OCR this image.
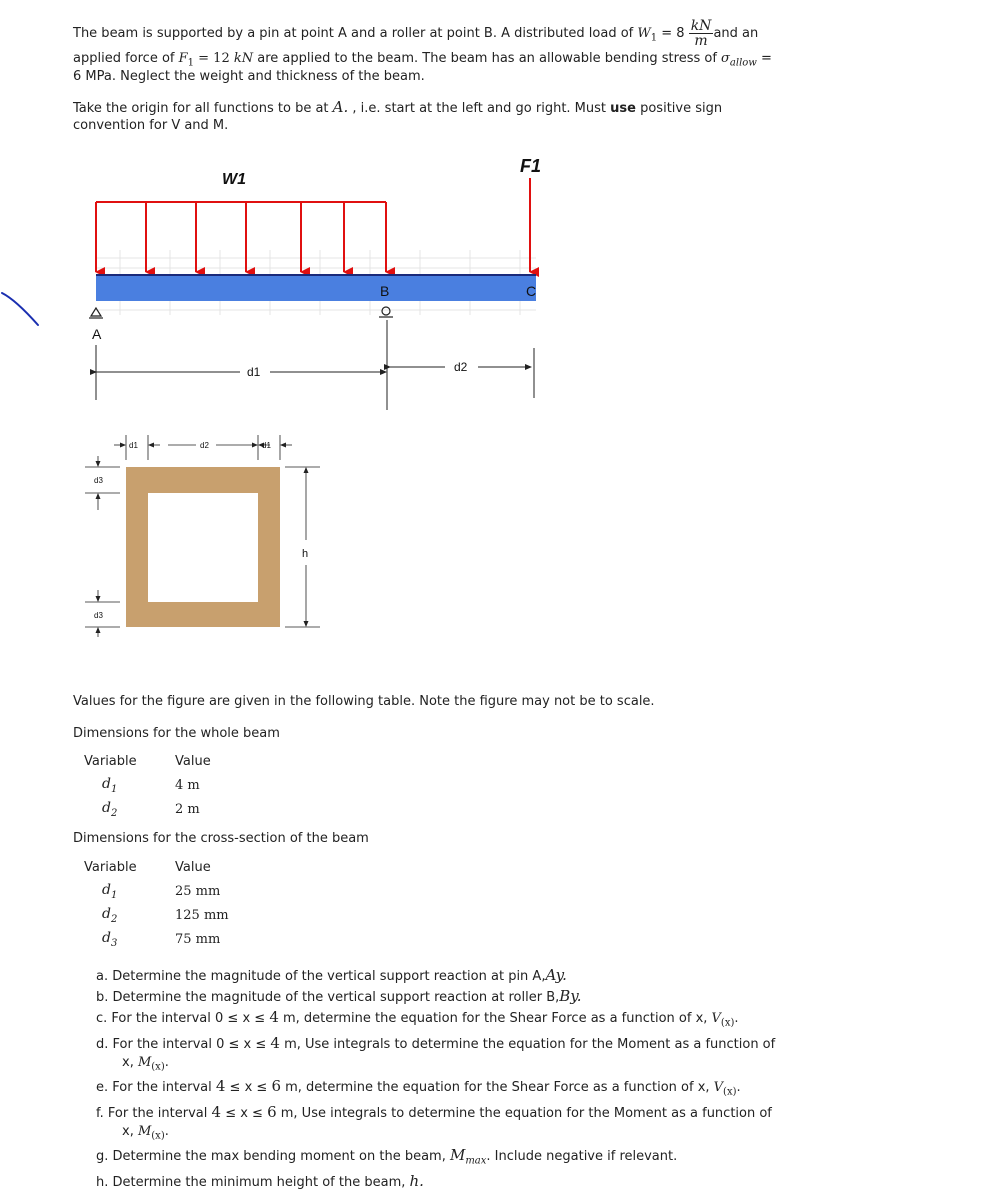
The beam is supported by a pin at point A and a roller at point B. A distributed load of $W_1 = 8 \frac{kN}{m}$ and an
applied force of $F_1 = 12$ kN are applied to the beam. The beam has an allowable bending stress of $\sigma_{allow}$ =
6 MPa. Neglect the weight and thickness of the beam.
Take the origin for all functions to be at A. , i.e. start at the left and go right. Must use positive sign
convention for V and M.
W1
F1
B	C
A
d1	d2
d1	d2	d1
d3
d3
h
Values for the figure are given in the following table. Note the figure may not be to scale.
Dimensions for the whole beam
Variable	Value
$d_1$	4 m
$d_2$	2 m
Dimensions for the cross-section of the beam
Variable	Value
$d_1$	25 mm
$d_2$	125 mm
$d_3$	75 mm
a. Determine the magnitude of the vertical support reaction at pin A,Ay.
b. Determine the magnitude of the vertical support reaction at roller B,By.
c. For the interval 0 ≤ x ≤ 4 m, determine the equation for the Shear Force as a function of x, $V_{(x)}$.
d. For the interval 0 ≤ x ≤ 4 m, Use integrals to determine the equation for the Moment as a function of
x, $M_{(x)}$.
e. For the interval 4 ≤ x ≤ 6 m, determine the equation for the Shear Force as a function of x, $V_{(x)}$.
f. For the interval 4 ≤ x ≤ 6 m, Use integrals to determine the equation for the Moment as a function of
x, $M_{(x)}$.
g. Determine the max bending moment on the beam, $M_{max}$. Include negative if relevant.
h. Determine the minimum height of the beam, h.
